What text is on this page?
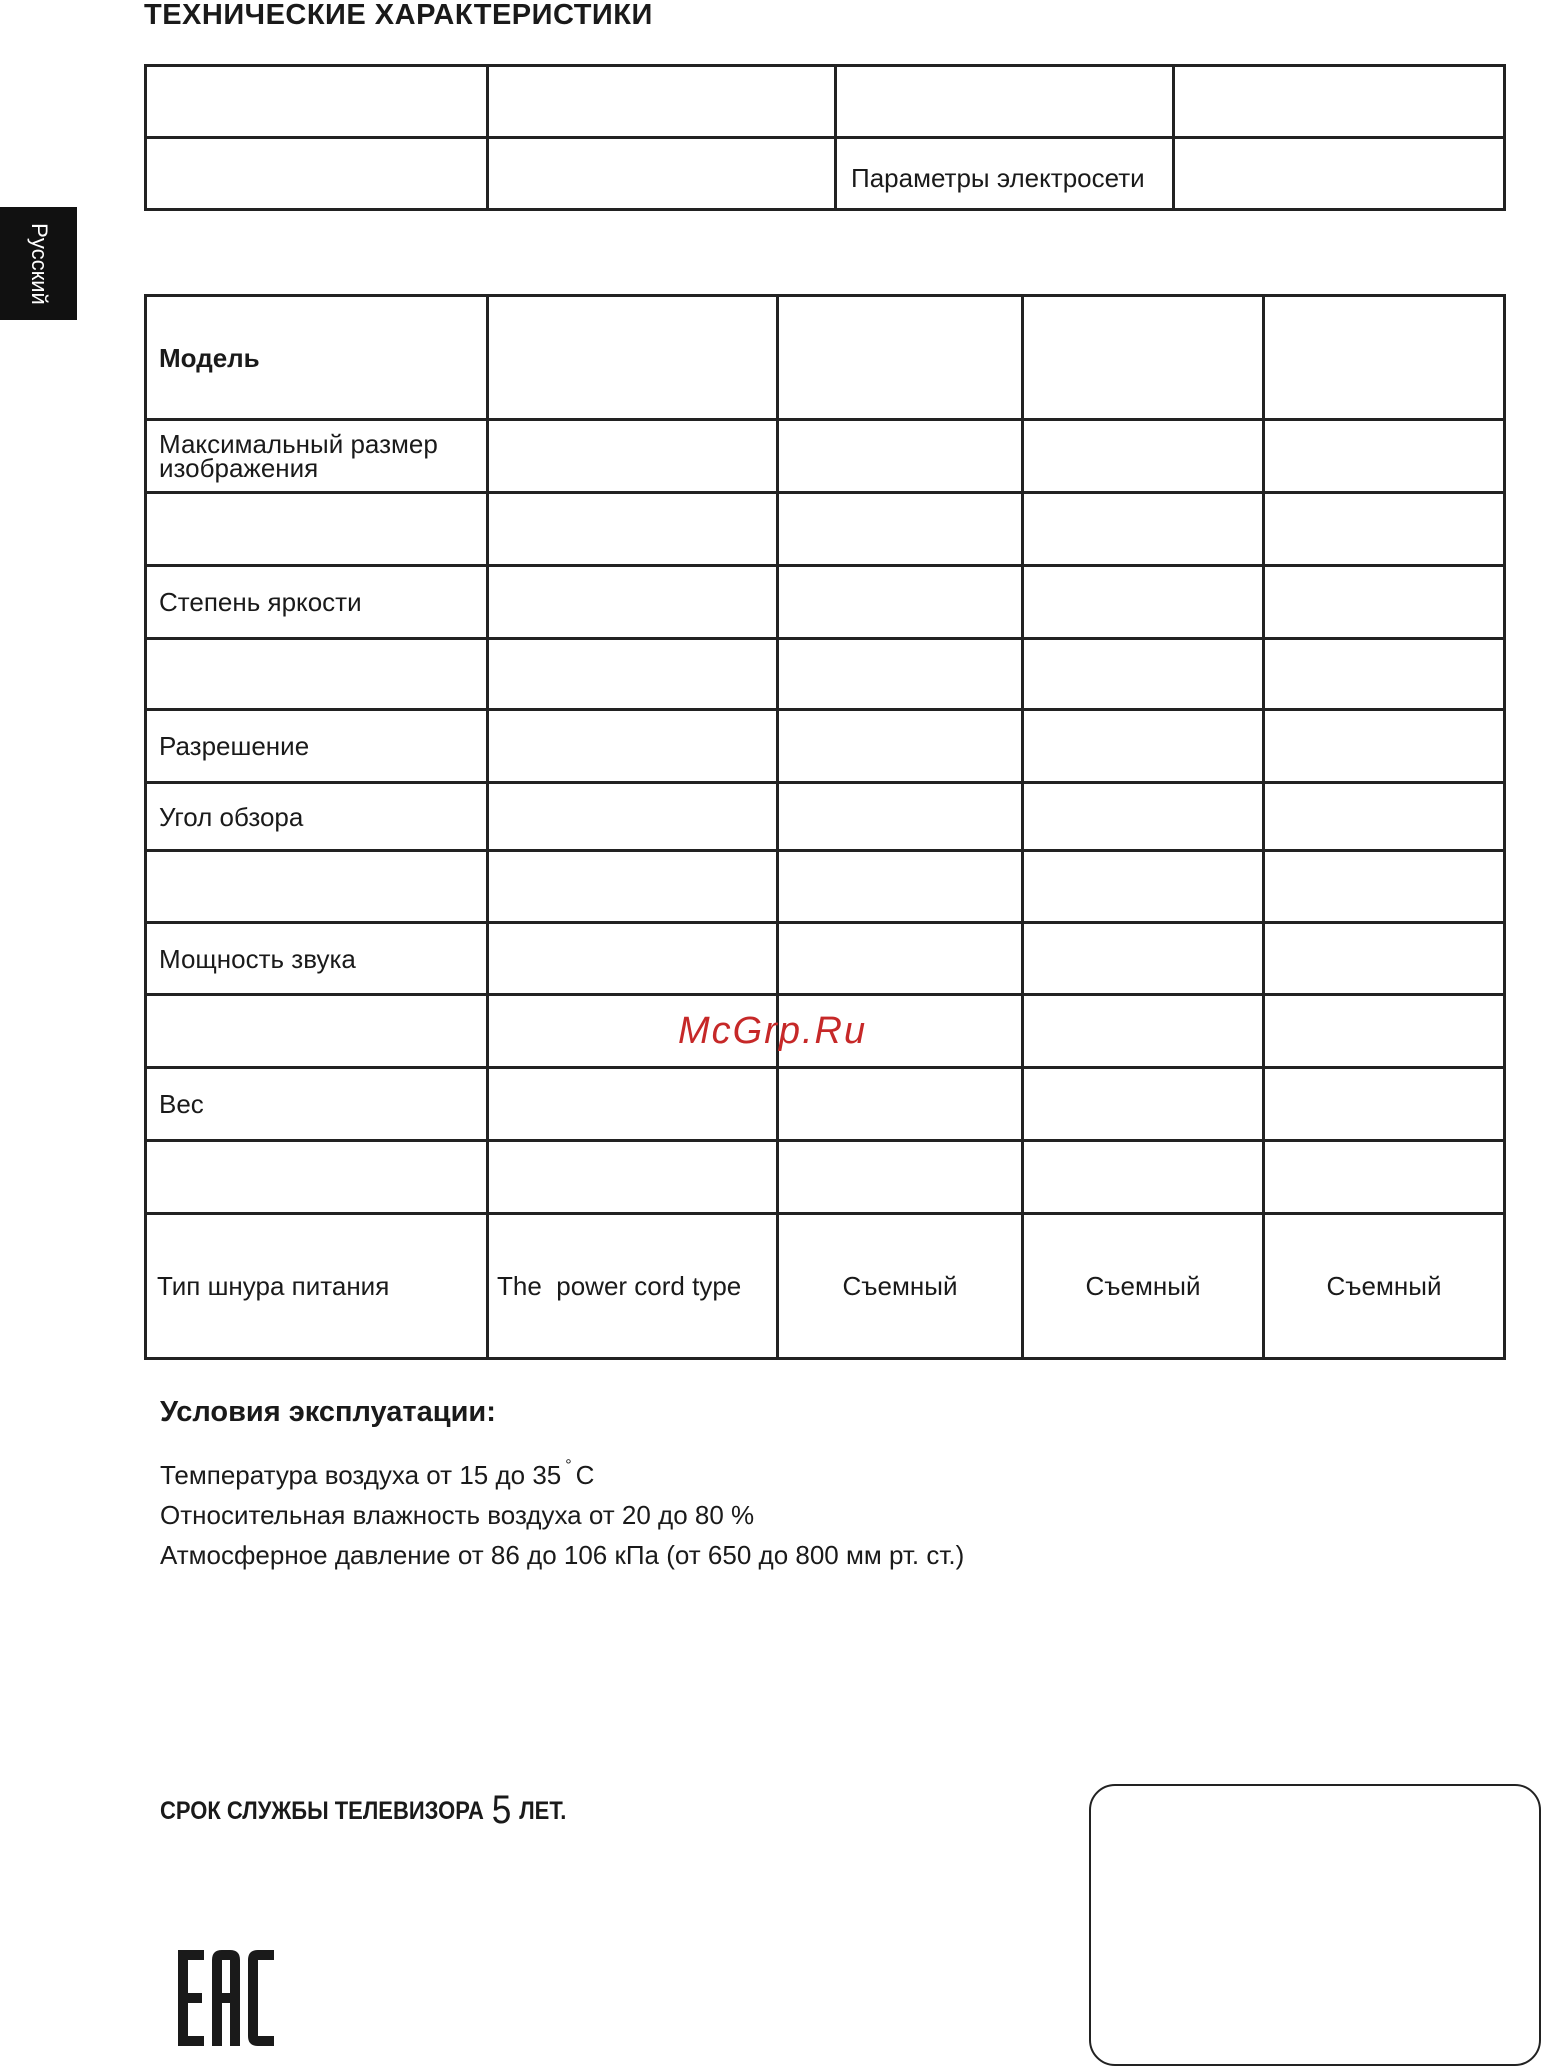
ТЕХНИЧЕСКИЕ ХАРАКТЕРИСТИКИ
Русский

		Параметры электросети	
Модель				
Максимальный размер изображения				

Степень яркости				

Разрешение				
Угол обзора				

Мощность звука				

Вес				

Тип шнура питания	The  power cord type	Съемный	Съемный	Съемный
Условия эксплуатации:
Температура воздуха от 15 до 35 ° C
Относительная влажность воздуха от 20 до 80 %
Атмосферное давление от 86 до 106 кПа (от 650 до 800 мм рт. ст.)
СРОК СЛУЖБЫ ТЕЛЕВИЗОРА 5 ЛЕТ.
McGrp.Ru
